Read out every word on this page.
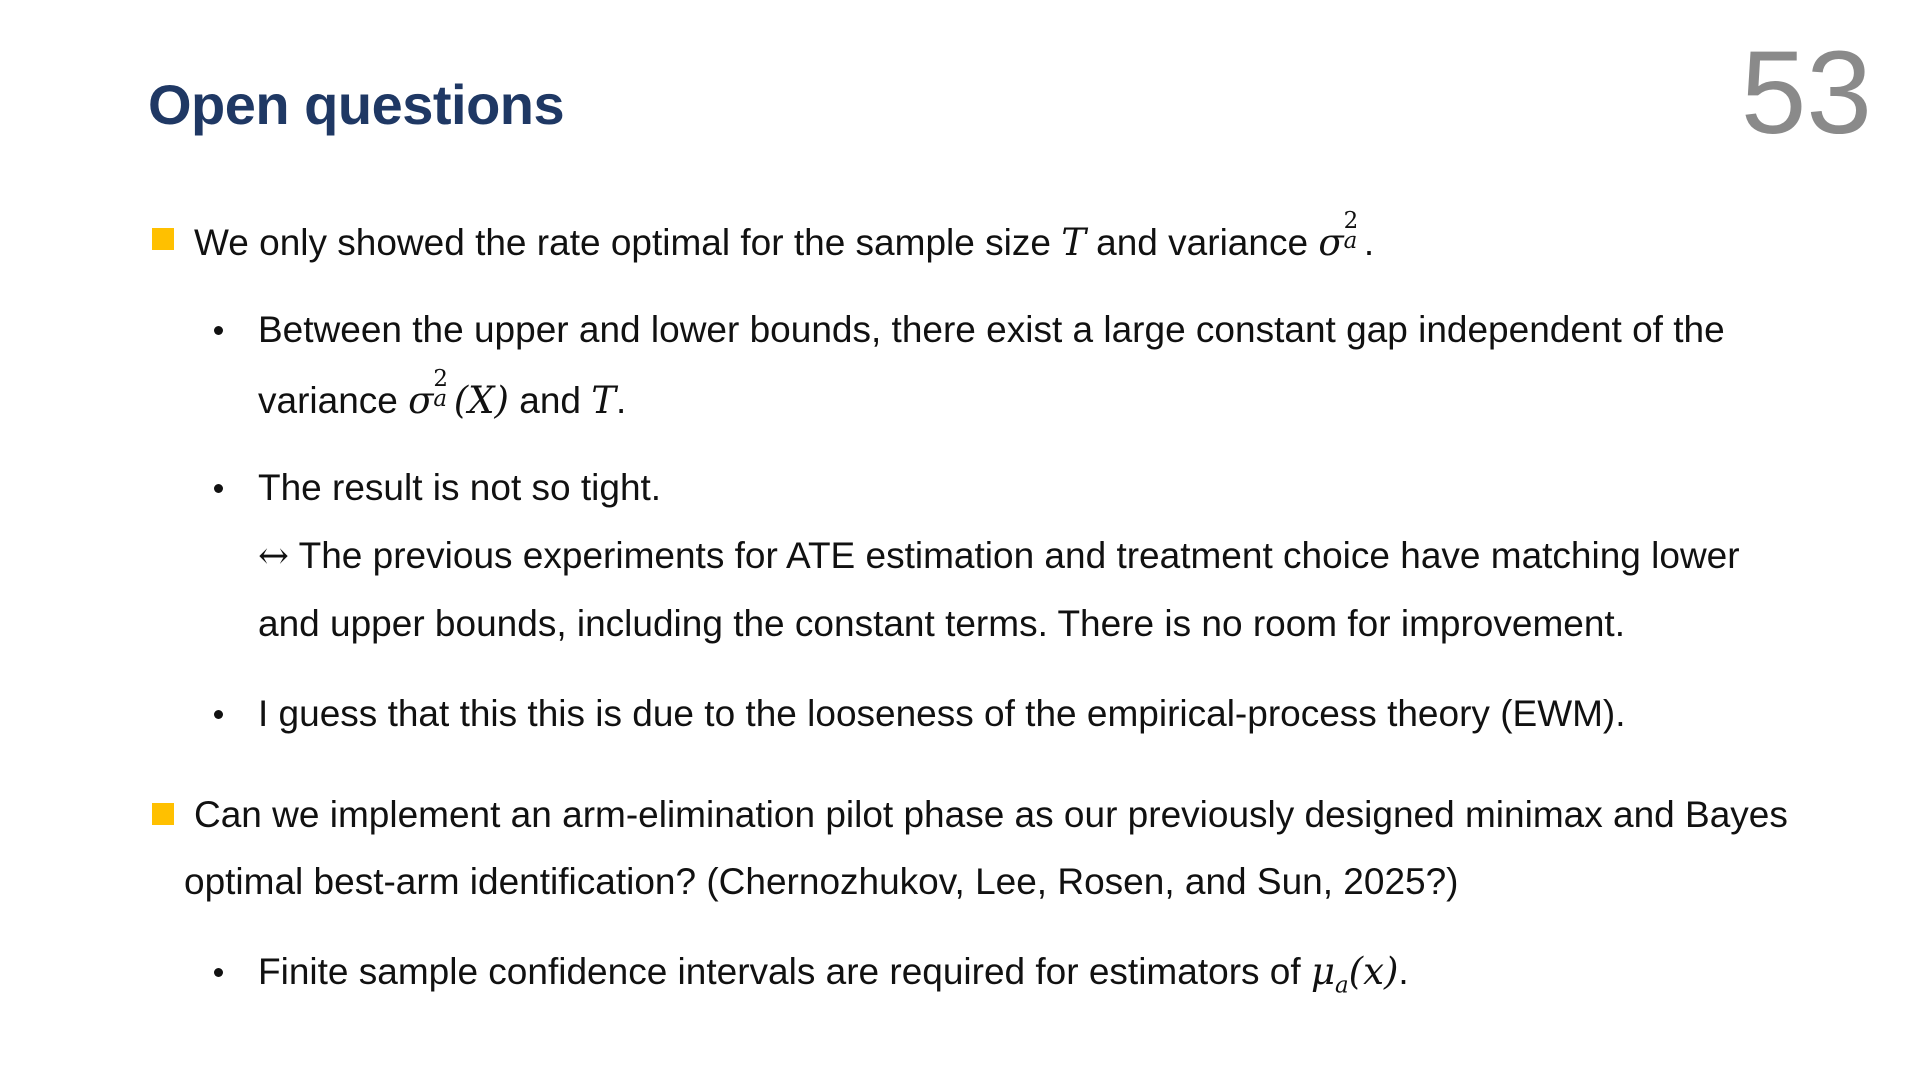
Open questions	53
We only showed the rate optimal for the sample size T and variance σ
2
a .
Between the upper and lower bounds, there exist a large constant gap independent of the
variance σ
2
a (X) and T.
The result is not so tight.
↔ The previous experiments for ATE estimation and treatment choice have matching lower
and upper bounds, including the constant terms. There is no room for improvement.
I guess that this this is due to the looseness of the empirical-process theory (EWM).
Can we implement an arm-elimination pilot phase as our previously designed minimax and Bayes
optimal best-arm identification? (Chernozhukov, Lee, Rosen, and Sun, 2025?)
Finite sample confidence intervals are required for estimators of $\mu_a(x)$.
